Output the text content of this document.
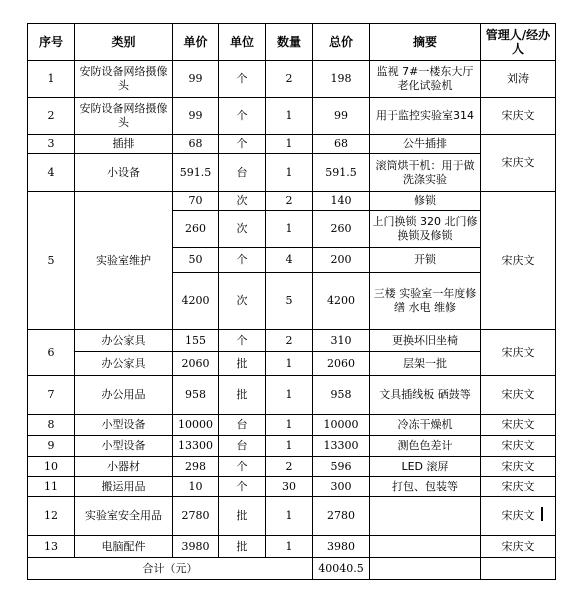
序号	类别	单价	单位	数量	总价	摘要	管理人/经办人
1	安防设备网络摄像头	99	个	2	198	监视 7#一楼东大厅老化试验机	刘涛
2	安防设备网络摄像头	99	个	1	99	用于监控实验室314	宋庆文
3	插排	68	个	1	68	公牛插排	宋庆文
4	小设备	591.5	台	1	591.5	滚筒烘干机：用于做洗涤实验	
5	实验室维护	70	次	2	140	修锁	宋庆文
		260	次	1	260	上门换锁 320 北门修换锁及修锁	
		50	个	4	200	开锁	
		4200	次	5	4200	三楼 实验室一年度修缮 水电 维修	
6	办公家具	155	个	2	310	更换坏旧坐椅	宋庆文
	办公家具	2060	批	1	2060	层架一批	
7	办公用品	958	批	1	958	文具插线板 硒鼓等	宋庆文
8	小型设备	10000	台	1	10000	冷冻干燥机	宋庆文
9	小型设备	13300	台	1	13300	测色色差计	宋庆文
10	小器材	298	个	2	596	LED 滚屏	宋庆文
11	搬运用品	10	个	30	300	打包、包装等	宋庆文
12	实验室安全用品	2780	批	1	2780		宋庆文
13	电脑配件	3980	批	1	3980		宋庆文
合计（元）					40040.5		
